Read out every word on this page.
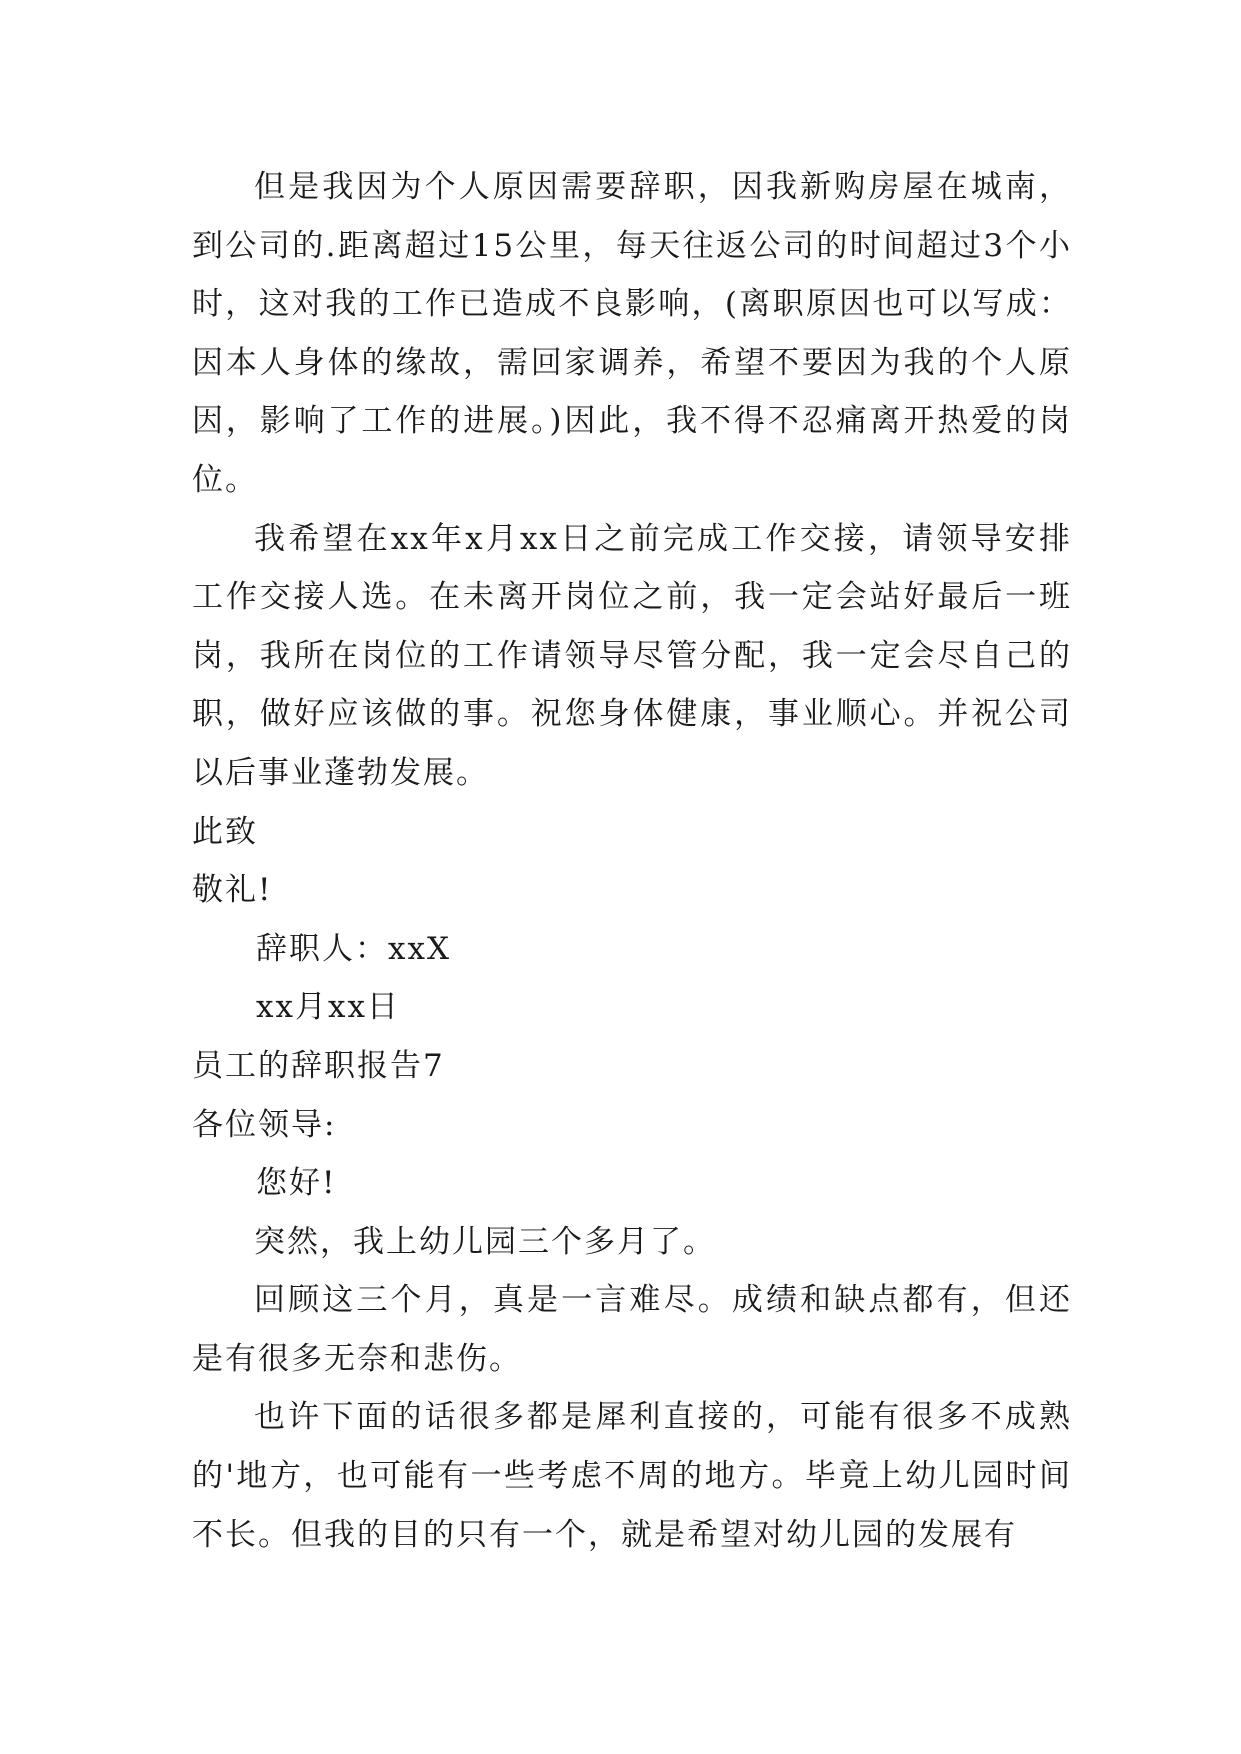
但是我因为个人原因需要辞职，因我新购房屋在城南，到公司的.距离超过15公里，每天往返公司的时间超过3个小时，这对我的工作已造成不良影响，(离职原因也可以写成：因本人身体的缘故，需回家调养，希望不要因为我的个人原因，影响了工作的进展。)因此，我不得不忍痛离开热爱的岗位。

我希望在xx年x月xx日之前完成工作交接，请领导安排工作交接人选。在未离开岗位之前，我一定会站好最后一班岗，我所在岗位的工作请领导尽管分配，我一定会尽自己的职，做好应该做的事。祝您身体健康，事业顺心。并祝公司以后事业蓬勃发展。

此致

敬礼!

辞职人：xxX

xx月xx日

员工的辞职报告7

各位领导:

您好!

突然，我上幼儿园三个多月了。

回顾这三个月，真是一言难尽。成绩和缺点都有，但还是有很多无奈和悲伤。

也许下面的话很多都是犀利直接的，可能有很多不成熟的'地方，也可能有一些考虑不周的地方。毕竟上幼儿园时间不长。但我的目的只有一个，就是希望对幼儿园的发展有
